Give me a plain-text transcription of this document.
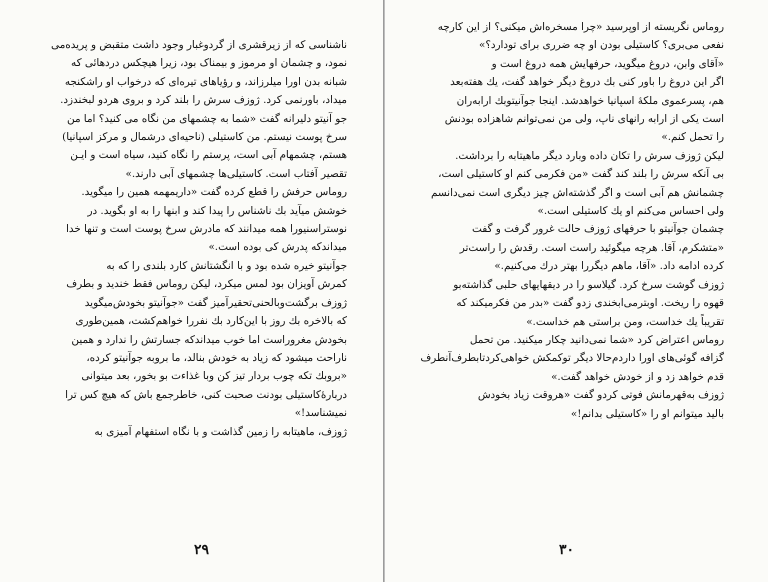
ناشناسی که از زیرقشری از گردوغبار وجود داشت متقبض و پریده‌می
نمود، و چشمان او مرموز و بیمناک بود، زیرا هیچکس دردهائی که
شبانه بدن اورا میلرزاند، و رؤیاهای تیره‌ای که درخواب او راشکنجه
میداد، باورنمی کرد. ژوزف سرش را بلند کرد و بروی هردو لبخندزد.
جو آنیتو دلیرانه گفت «شما به چشمهای من نگاه می کنید؟ اما من
سرخ پوست نیستم. من کاستیلی (ناحیه‌ای درشمال و مرکز اسپانیا)
هستم، چشمهام آبی است، پرستم را نگاه کنید، سیاه است و ایـن
تقصیر آفتاب است. کاستیلی‌ها چشمهای آبی دارند.»
روماس حرفش را قطع کرده گفت «داریمهمه همین را میگوید.
خوشش میآید بك ناشناس را پیدا کند و ابنها را به او بگوید. در
نوستراسنیورا همه میدانند که مادرش سرخ پوست است و تنها خدا
میداندکه پدرش کی بوده است.»
جوآنیتو خیره شده بود و با انگشتانش کارد بلندی را که به
کمرش آویزان بود لمس میکرد، لیکن روماس فقط خندید و بطرف
ژوزف برگشت‌وبالحنی‌تحقیرآمیز گفت «جوآنیتو بخودش‌میگوید
که بالاخره بك روز با این‌کارد بك نفررا خواهم‌کشت، همین‌طوری
بخودش مغروراست اما خوب میداندکه جسارتش را ندارد و همین
ناراحت میشود که زیاد به خودش بنالد، ما بروبه جوآنیتو کرده،
«بروبك تکه چوب بردار تیز کن وبا غذاءت بو بخور، بعد میتوانی
دربارهٔ‌کاستیلی بودنت صحبت کنی، خاطرجمع باش که هیچ کس ترا
نمیشناسد!»
ژوزف، ماهیتابه را زمین گذاشت و با نگاه استفهام آمیزی به
۲۹
روماس نگریسته از اوپرسید «چرا مسخره‌اش میکنی؟ از این کارچه
نفعی می‌بری؟ کاستیلی بودن او چه ضرری برای تودارد؟»
«آقای وابن، دروغ میگوید، حرفهایش همه دروغ است و
اگر این دروغ را باور کنی بك دروغ دیگر خواهد گفت، یك هفته‌بعد
هم، پسرعموی ملکهٔ اسپانیا خواهدشد. اینجا جوآنیتوبك ارابه‌ران
است یکی از ارابه رانهای ناپ، ولی من نمی‌توانم شاهزاده بودنش
را تحمل کنم.»
لیکن ژوزف سرش را تکان داده وبارد دیگر ماهیتابه را برداشت.
بی آنکه سرش را بلند کند گفت «من فکرمی کنم او کاستیلی است،
چشمانش هم آبی است و اگر گذشته‌اش چیز دیگری است نمی‌دانسم
ولی احساس می‌کنم او یك کاستیلی است.»
چشمان جوآنیتو با حرفهای ژوزف حالت غرور گرفت و گفت
«متشکرم، آقا. هرچه میگوئید راست است. رقدش را راست‌تر
کرده ادامه داد. «آقا، ماهم دیگررا بهتر درك می‌کنیم.»
ژوزف گوشت سرخ کرد. گیلاسو را در دیقهایهای حلبی گذاشته‌بو
قهوه را ریخت. اوبترمی‌ابخندی زدو گفت «بدر من فکرمیکند که
تقریباً یك خداست، ومن براستی هم خداست.»
روماس اعتراض کرد «شما نمی‌دانید چکار میکنید. من تحمل
گزافه گوئی‌های اورا داردم‌حالا دیگر تو‌کمکش خواهی‌کرد‌تابطرف‌آنطرف
قدم خواهد زد و از خودش خواهد گفت.»
ژوزف به‌قهرمانش فوتی کردو گفت «هرو‌قت زیاد بخودش
بالید میتوانم او را «کاستیلی بدانم!»
۳۰
